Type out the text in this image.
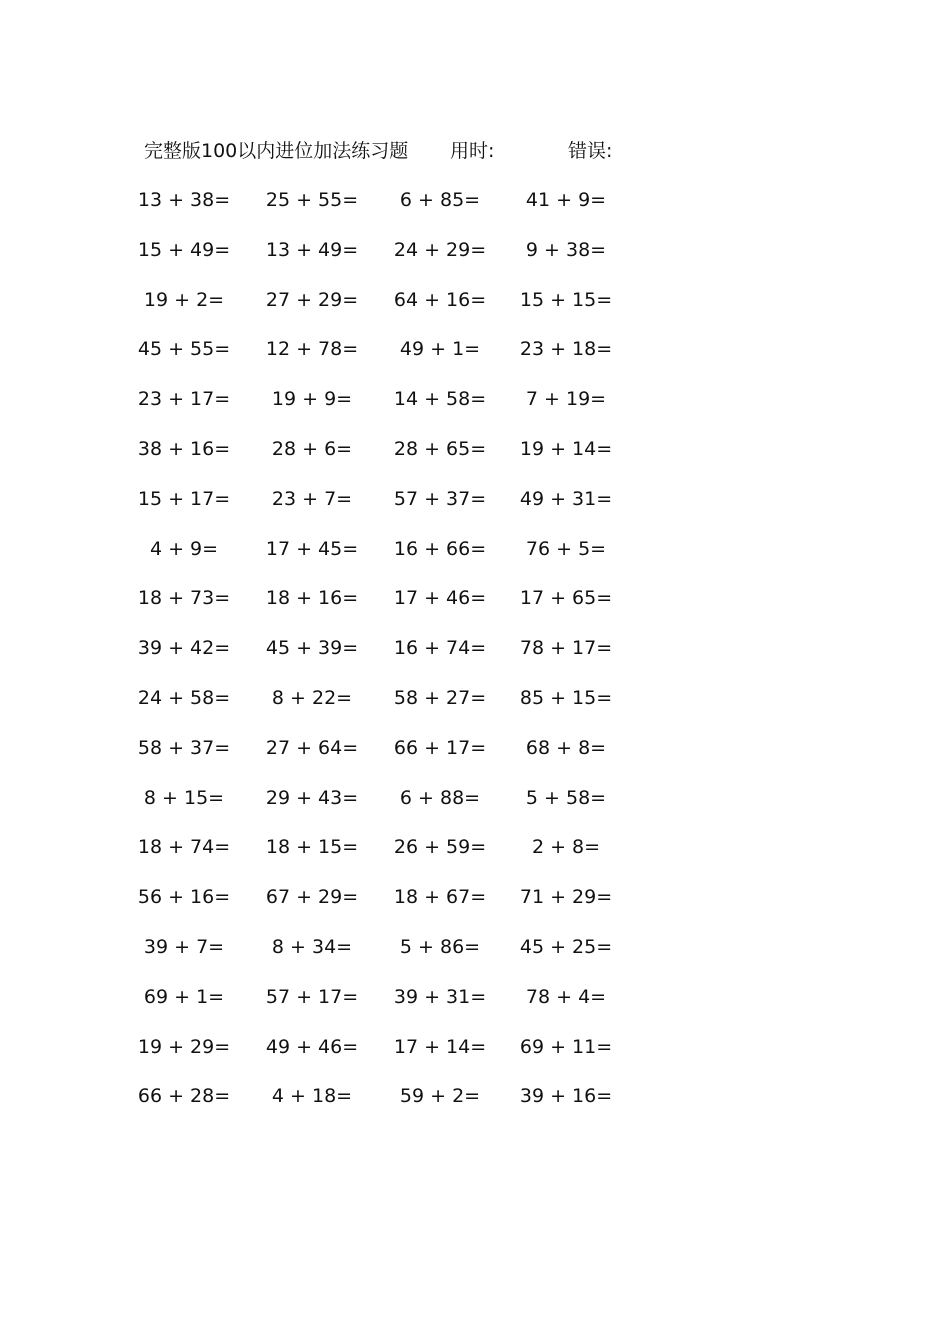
完整版100以内进位加法练习题 用时:	错误:
13 + 38=	25 + 55=	6 + 85=	41 + 9=
15 + 49=	13 + 49=	24 + 29=	9 + 38=
19 + 2=	27 + 29=	64 + 16=	15 + 15=
45 + 55=	12 + 78=	49 + 1=	23 + 18=
23 + 17=	19 + 9=	14 + 58=	7 + 19=
38 + 16=	28 + 6=	28 + 65=	19 + 14=
15 + 17=	23 + 7=	57 + 37=	49 + 31=
4 + 9=	17 + 45=	16 + 66=	76 + 5=
18 + 73=	18 + 16=	17 + 46=	17 + 65=
39 + 42=	45 + 39=	16 + 74=	78 + 17=
24 + 58=	8 + 22=	58 + 27=	85 + 15=
58 + 37=	27 + 64=	66 + 17=	68 + 8=
8 + 15=	29 + 43=	6 + 88=	5 + 58=
18 + 74=	18 + 15=	26 + 59=	2 + 8=
56 + 16=	67 + 29=	18 + 67=	71 + 29=
39 + 7=	8 + 34=	5 + 86=	45 + 25=
69 + 1=	57 + 17=	39 + 31=	78 + 4=
19 + 29=	49 + 46=	17 + 14=	69 + 11=
66 + 28=	4 + 18=	59 + 2=	39 + 16=
